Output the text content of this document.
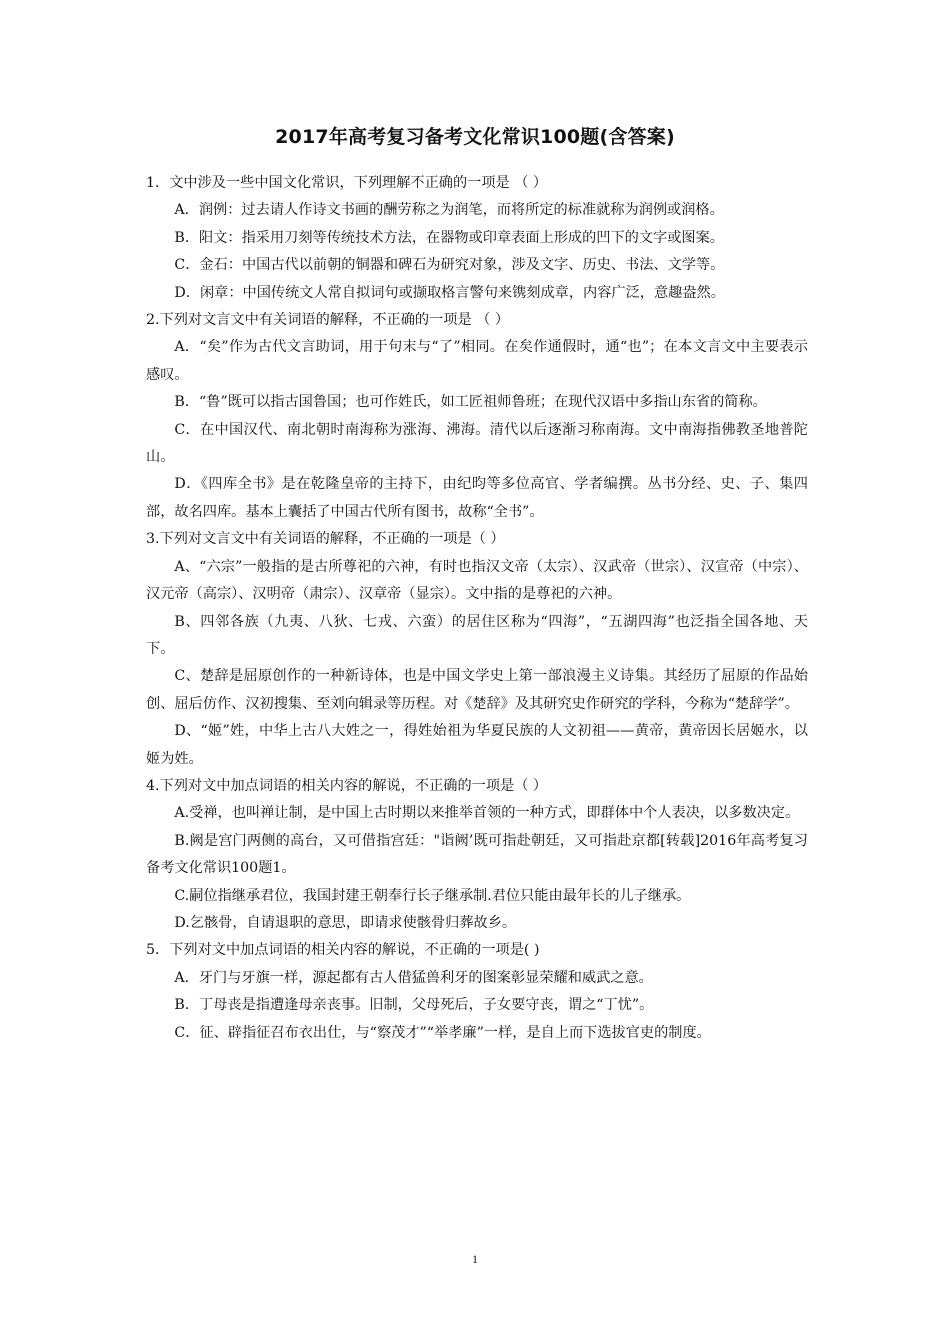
2017年高考复习备考文化常识100题(含答案)

1．文中涉及一些中国文化常识，下列理解不正确的一项是 （ ）

A．润例：过去请人作诗文书画的酬劳称之为润笔，而将所定的标准就称为润例或润格。

B．阳文：指采用刀刻等传统技术方法，在器物或印章表面上形成的凹下的文字或图案。

C．金石：中国古代以前朝的铜器和碑石为研究对象，涉及文字、历史、书法、文学等。

D．闲章：中国传统文人常自拟词句或撷取格言警句来镌刻成章，内容广泛，意趣盎然。

2.下列对文言文中有关词语的解释，不正确的一项是 （ ）

A．“矣”作为古代文言助词，用于句末与“了”相同。在矣作通假时，通“也”；在本文言文中主要表示感叹。

B．“鲁”既可以指古国鲁国；也可作姓氏，如工匠祖师鲁班；在现代汉语中多指山东省的简称。

C．在中国汉代、南北朝时南海称为涨海、沸海。清代以后逐渐习称南海。文中南海指佛教圣地普陀山。

D．《四库全书》是在乾隆皇帝的主持下，由纪昀等多位高官、学者编撰。丛书分经、史、子、集四部，故名四库。基本上囊括了中国古代所有图书，故称“全书”。

3.下列对文言文中有关词语的解释，不正确的一项是（ ）

A、“六宗”一般指的是古所尊祀的六神，有时也指汉文帝（太宗）、汉武帝（世宗）、汉宣帝（中宗）、汉元帝（高宗）、汉明帝（肃宗）、汉章帝（显宗）。文中指的是尊祀的六神。

B、四邻各族（九夷、八狄、七戎、六蛮）的居住区称为“四海”，“五湖四海”也泛指全国各地、天下。

C、楚辞是屈原创作的一种新诗体，也是中国文学史上第一部浪漫主义诗集。其经历了屈原的作品始创、屈后仿作、汉初搜集、至刘向辑录等历程。对《楚辞》及其研究史作研究的学科，今称为“楚辞学”。

D、“姬”姓，中华上古八大姓之一，得姓始祖为华夏民族的人文初祖——黄帝，黄帝因长居姬水，以姬为姓。

4.下列对文中加点词语的相关内容的解说，不正确的一项是（ ）

A.受禅，也叫禅让制，是中国上古时期以来推举首领的一种方式，即群体中个人表决，以多数决定。

B.阙是宫门两侧的高台，又可借指宫廷："诣阙’既可指赴朝廷，又可指赴京都[转载]2016年高考复习备考文化常识100题1。

C.嗣位指继承君位，我国封建王朝奉行长子继承制.君位只能由最年长的儿子继承。

D.乞骸骨，自请退职的意思，即请求使骸骨归葬故乡。

5．下列对文中加点词语的相关内容的解说，不正确的一项是( )

A．牙门与牙旗一样，源起都有古人借猛兽利牙的图案彰显荣耀和威武之意。

B．丁母丧是指遭逢母亲丧事。旧制，父母死后，子女要守丧，谓之“丁忧”。

C．征、辟指征召布衣出仕，与“察茂才”“举孝廉”一样，是自上而下选拔官吏的制度。

1
